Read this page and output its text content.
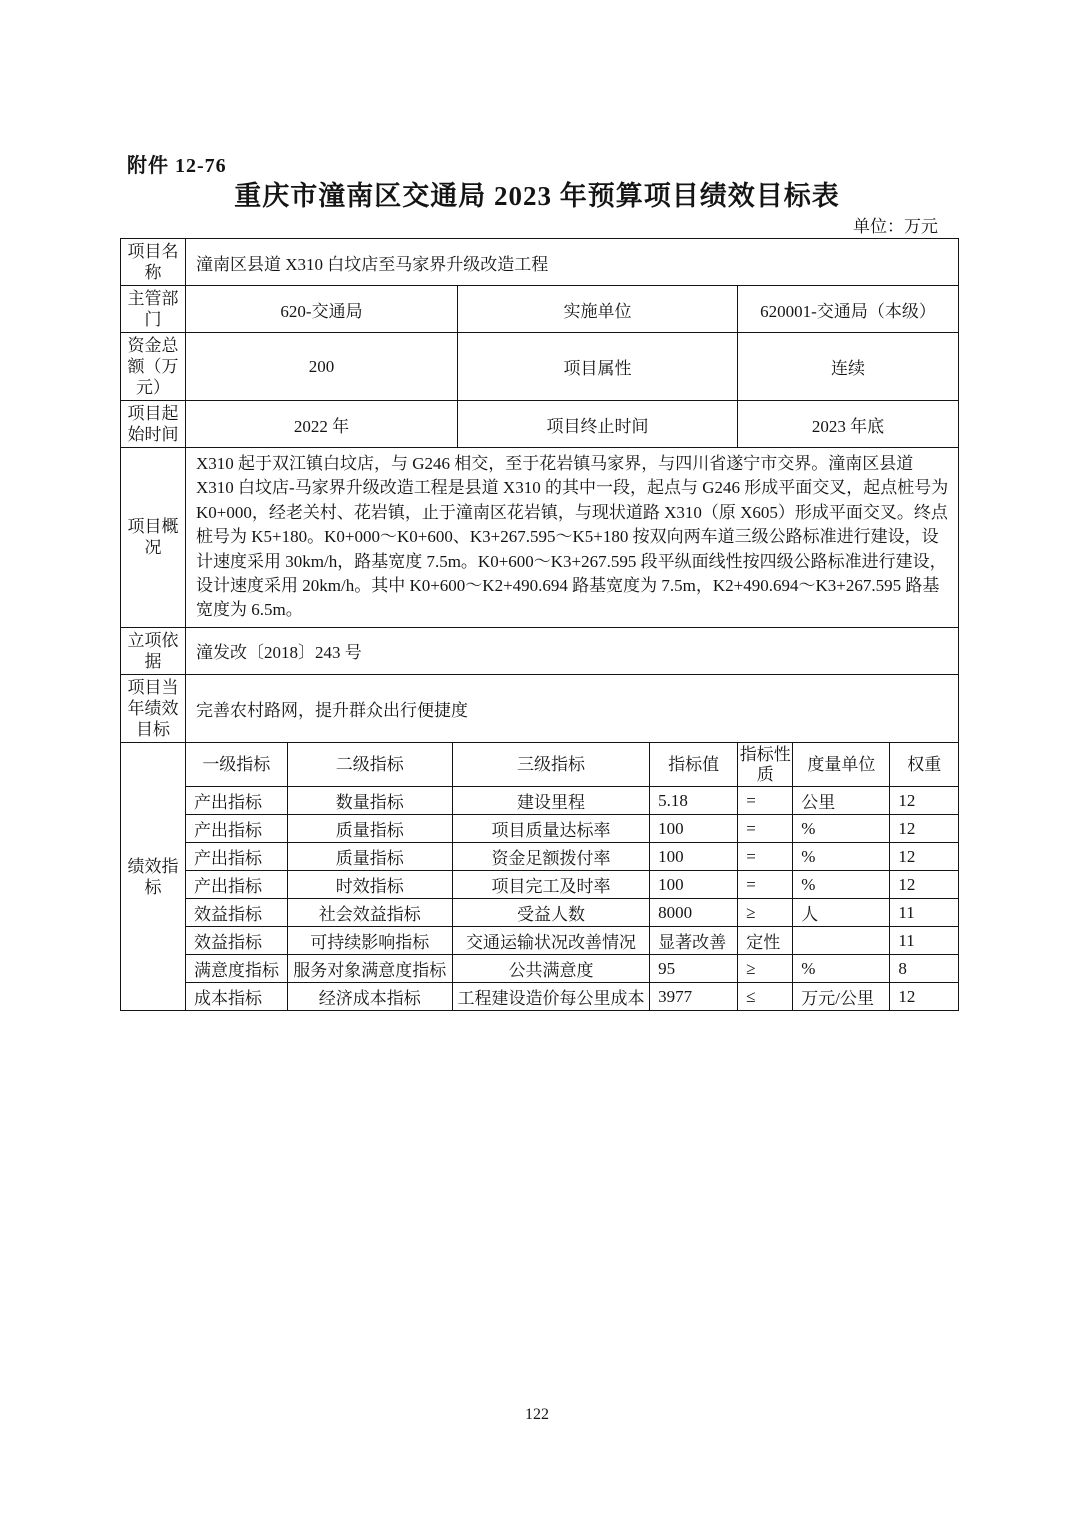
附件 12-76
重庆市潼南区交通局 2023 年预算项目绩效目标表
单位：万元
项目名称	潼南区县道 X310 白坟店至马家界升级改造工程
主管部门	620-交通局	实施单位	620001-交通局（本级）
资金总额（万元）	200	项目属性	连续
项目起始时间	2022 年	项目终止时间	2023 年底
项目概况	X310 起于双江镇白坟店，与 G246 相交，至于花岩镇马家界，与四川省遂宁市交界。潼南区县道 X310 白坟店-马家界升级改造工程是县道 X310 的其中一段，起点与 G246 形成平面交叉，起点桩号为 K0+000，经老关村、花岩镇，止于潼南区花岩镇，与现状道路 X310（原 X605）形成平面交叉。终点桩号为 K5+180。K0+000～K0+600、K3+267.595～K5+180 按双向两车道三级公路标准进行建设，设计速度采用 30km/h，路基宽度 7.5m。K0+600～K3+267.595 段平纵面线性按四级公路标准进行建设，设计速度采用 20km/h。其中 K0+600～K2+490.694 路基宽度为 7.5m，K2+490.694～K3+267.595 路基宽度为 6.5m。
立项依据	潼发改〔2018〕243 号
项目当年绩效目标	完善农村路网，提升群众出行便捷度
绩效指标	
一级指标	二级指标	三级指标	指标值	指标性质	度量单位	权重
产出指标	数量指标	建设里程	5.18	=	公里	12
产出指标	质量指标	项目质量达标率	100	=	%	12
产出指标	质量指标	资金足额拨付率	100	=	%	12
产出指标	时效指标	项目完工及时率	100	=	%	12
效益指标	社会效益指标	受益人数	8000	≥	人	11
效益指标	可持续影响指标	交通运输状况改善情况	显著改善	定性		11
满意度指标	服务对象满意度指标	公共满意度	95	≥	%	8
成本指标	经济成本指标	工程建设造价每公里成本	3977	≤	万元/公里	12
122
